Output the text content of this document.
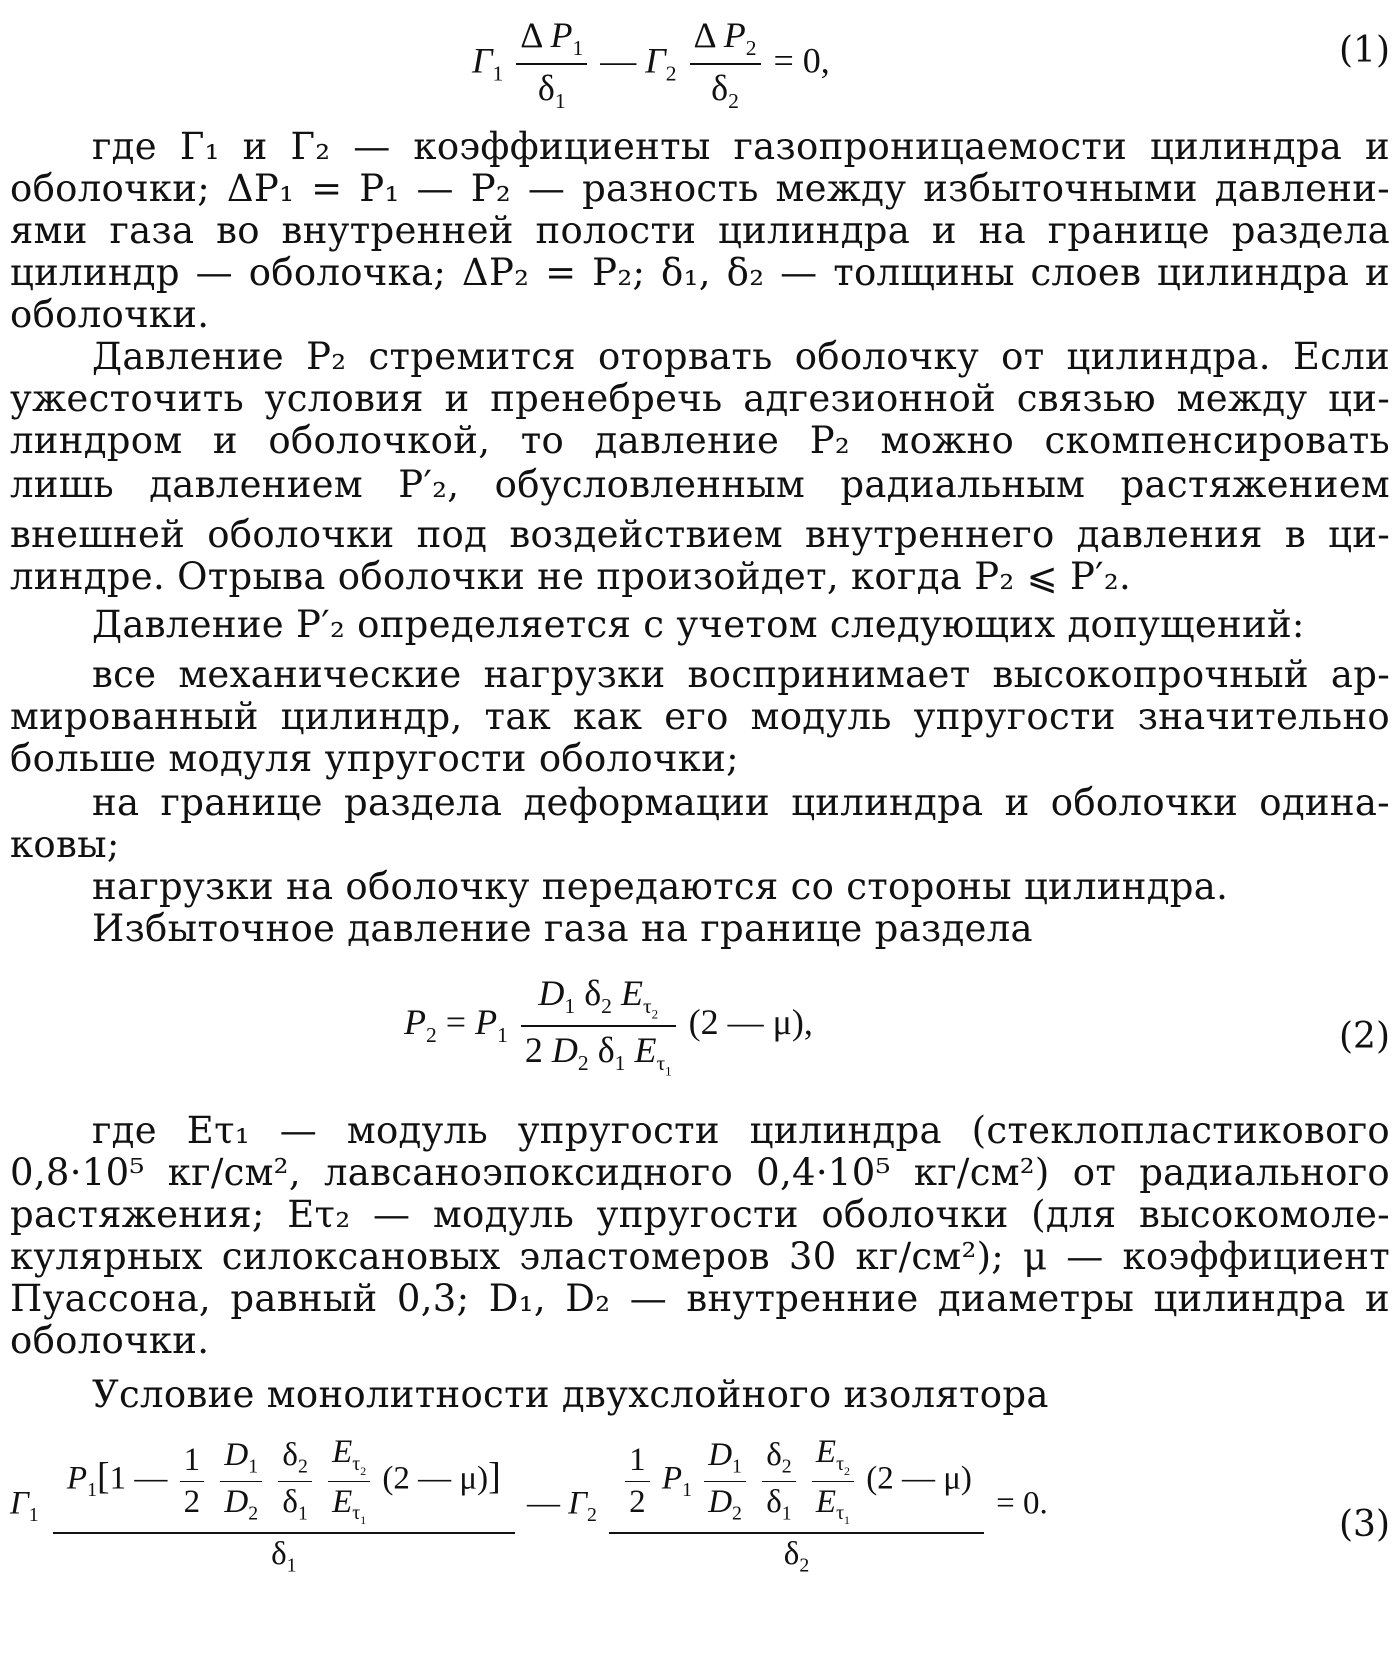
$Г_1 \frac{\Delta P_1}{\delta_1}$ — $Г_2 \frac{\Delta P_2}{\delta_2} = 0$,	(1)
где Г₁ и Г₂ — коэффициенты газопроницаемости цилиндра и
оболочки; ΔP₁ = P₁ — P₂ — разность между избыточными давлени-
ями газа во внутренней полости цилиндра и на границе раздела
цилиндр — оболочка; ΔP₂ = P₂; δ₁, δ₂ — толщины слоев цилиндра и
оболочки.
Давление P₂ стремится оторвать оболочку от цилиндра. Если
ужесточить условия и пренебречь адгезионной связью между ци-
линдром и оболочкой, то давление P₂ можно скомпенсировать
лишь давлением P′₂, обусловленным радиальным растяжением
внешней оболочки под воздействием внутреннего давления в ци-
линдре. Отрыва оболочки не произойдет, когда P₂ ⩽ P′₂.
Давление P′₂ определяется с учетом следующих допущений:
все механические нагрузки воспринимает высокопрочный ар-
мированный цилиндр, так как его модуль упругости значительно
больше модуля упругости оболочки;
на границе раздела деформации цилиндра и оболочки одина-
ковы;
нагрузки на оболочку передаются со стороны цилиндра.
Избыточное давление газа на границе раздела
$P_2 = P_1 \frac{D_1 \delta_2 E_{\tau_2}}{2 D_2 \delta_1 E_{\tau_1}} (2$ — μ),	(2)
где Eτ₁ — модуль упругости цилиндра (стеклопластикового
0,8·10⁵ кг/см², лавсаноэпоксидного 0,4·10⁵ кг/см²) от радиального
растяжения; Eτ₂ — модуль упругости оболочки (для высокомоле-
кулярных силоксановых эластомеров 30 кг/см²); μ — коэффициент
Пуассона, равный 0,3; D₁, D₂ — внутренние диаметры цилиндра и
оболочки.
Условие монолитности двухслойного изолятора
$Г_1$
$P_1[1$ — $\frac{1}{2}$
$\frac{D_1}{D_2}$
$\frac{\delta_2}{\delta_1}$
$\frac{E_{\tau_2}}{E_{\tau_1}} (2$ — μ)]
$\delta_1$
— $Г_2 \frac{1}{2} P_1 \frac{D_1}{D_2}$
$\frac{\delta_2}{\delta_1}$
$\frac{E_{\tau_2}}{E_{\tau_1}} (2$ — μ)
$\delta_2$
= 0.
(3)
